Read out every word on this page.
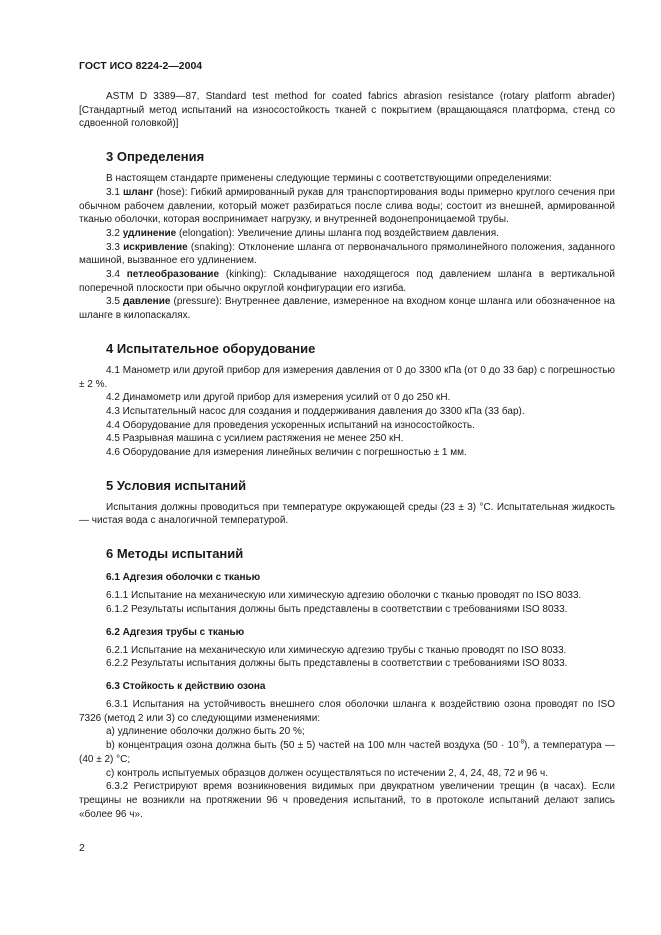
ГОСТ ИСО 8224-2—2004

ASTM D 3389—87, Standard test method for coated fabrics abrasion resistance (rotary platform abrader) [Стандартный метод испытаний на износостойкость тканей с покрытием (вращающаяся платформа, стенд со сдвоенной головкой)]

3 Определения

В настоящем стандарте применены следующие термины с соответствующими определениями:

3.1 шланг (hose): Гибкий армированный рукав для транспортирования воды примерно круглого сечения при обычном рабочем давлении, который может разбираться после слива воды; состоит из внешней, армированной тканью оболочки, которая воспринимает нагрузку, и внутренней водонепроницаемой трубы.

3.2 удлинение (elongation): Увеличение длины шланга под воздействием давления.

3.3 искривление (snaking): Отклонение шланга от первоначального прямолинейного положения, заданного машиной, вызванное его удлинением.

3.4 петлеобразование (kinking): Складывание находящегося под давлением шланга в вертикальной поперечной плоскости при обычно округлой конфигурации его изгиба.

3.5 давление (pressure): Внутреннее давление, измеренное на входном конце шланга или обозначенное на шланге в килопаскалях.

4 Испытательное оборудование

4.1 Манометр или другой прибор для измерения давления от 0 до 3300 кПа (от 0 до 33 бар) с погрешностью ± 2 %.

4.2 Динамометр или другой прибор для измерения усилий от 0 до 250 кН.

4.3 Испытательный насос для создания и поддерживания давления до 3300 кПа (33 бар).

4.4 Оборудование для проведения ускоренных испытаний на износостойкость.

4.5 Разрывная машина с усилием растяжения не менее 250 кН.

4.6 Оборудование для измерения линейных величин с погрешностью ± 1 мм.

5 Условия испытаний

Испытания должны проводиться при температуре окружающей среды (23 ± 3) °С. Испытательная жидкость — чистая вода с аналогичной температурой.

6 Методы испытаний
6.1 Адгезия оболочки с тканью

6.1.1 Испытание на механическую или химическую адгезию оболочки с тканью проводят по ISO 8033.

6.1.2 Результаты испытания должны быть представлены в соответствии с требованиями ISO 8033.

6.2 Адгезия трубы с тканью

6.2.1 Испытание на механическую или химическую адгезию трубы с тканью проводят по ISO 8033.

6.2.2 Результаты испытания должны быть представлены в соответствии с требованиями ISO 8033.

6.3 Стойкость к действию озона

6.3.1 Испытания на устойчивость внешнего слоя оболочки шланга к воздействию озона проводят по ISO 7326 (метод 2 или 3) со следующими изменениями:

а) удлинение оболочки должно быть 20 %;

b) концентрация озона должна быть (50 ± 5) частей на 100 млн частей воздуха $(50 \cdot 10^{-8})$, а температура — (40 ± 2) °С;

с) контроль испытуемых образцов должен осуществляться по истечении 2, 4, 24, 48, 72 и 96 ч.

6.3.2 Регистрируют время возникновения видимых при двукратном увеличении трещин (в часах). Если трещины не возникли на протяжении 96 ч проведения испытаний, то в протоколе испытаний делают запись «более 96 ч».

2
